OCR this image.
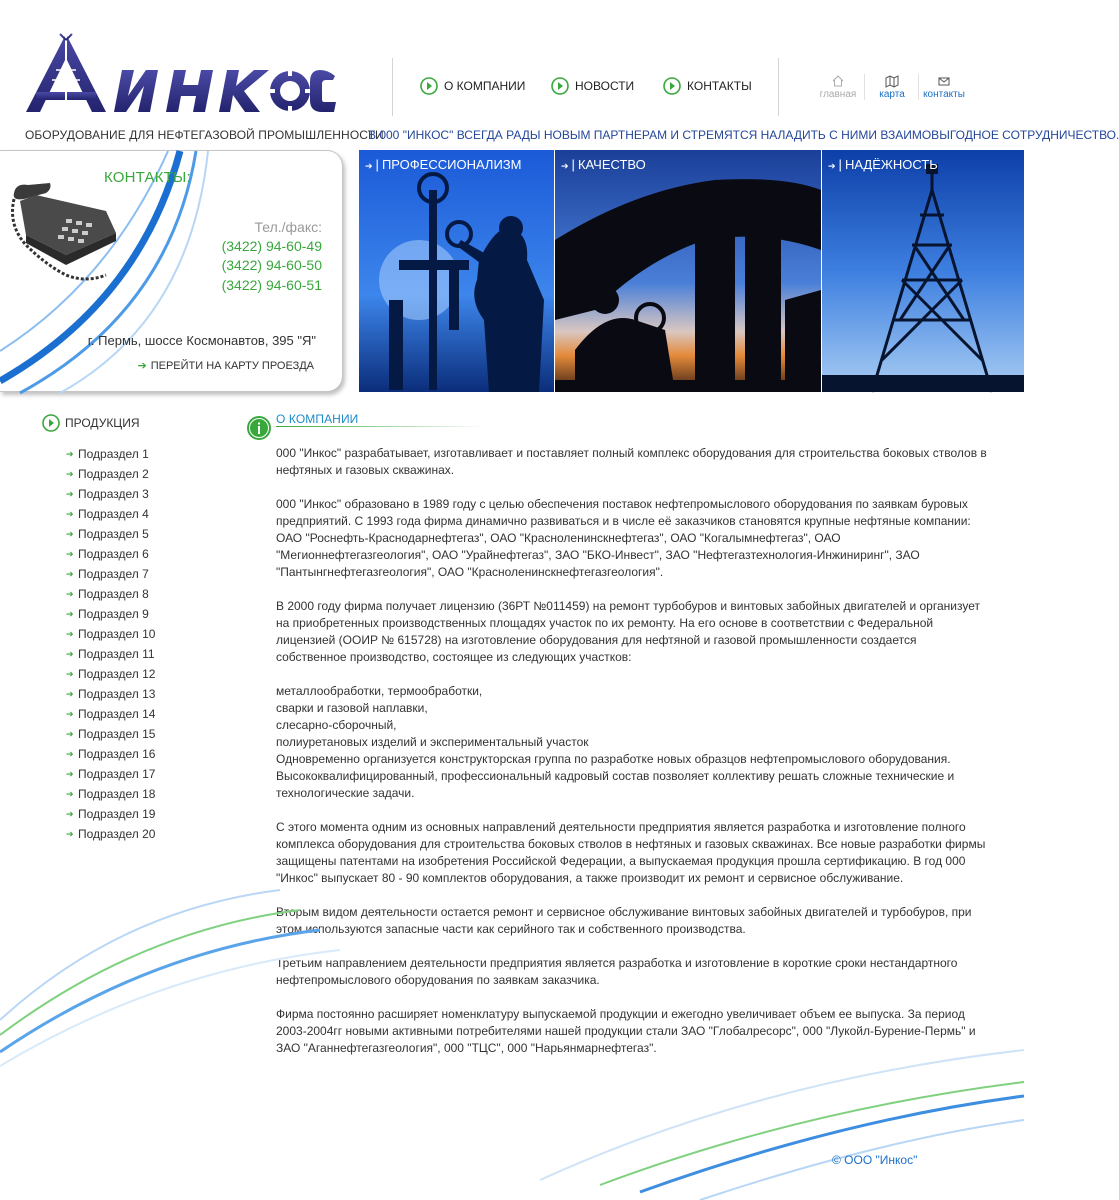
ОБОРУДОВАНИЕ ДЛЯ НЕФТЕГАЗОВОЙ ПРОМЫШЛЕННОСТИ
О КОМПАНИИ	НОВОСТИ	КОНТАКТЫ
главная	карта	контакты
В 000 "ИНКОС" ВСЕГДА РАДЫ НОВЫМ ПАРТНЕРАМ И СТРЕМЯТСЯ НАЛАДИТЬ С НИМИ ВЗАИМОВЫГОДНОЕ СОТРУДНИЧЕСТВО.
КОНТАКТЫ:
Тел./факс:
(3422) 94-60-49
(3422) 94-60-50
(3422) 94-60-51
г. Пермь, шоссе Космонавтов, 395 "Я"
➔ ПЕРЕЙТИ НА КАРТУ ПРОЕЗДА
➔ | ПРОФЕССИОНАЛИЗМ	➔ | КАЧЕСТВО	➔ | НАДЁЖНОСТЬ
ПРОДУКЦИЯ
➔ Подраздел 1
➔ Подраздел 2
➔ Подраздел 3
➔ Подраздел 4
➔ Подраздел 5
➔ Подраздел 6
➔ Подраздел 7
➔ Подраздел 8
➔ Подраздел 9
➔ Подраздел 10
➔ Подраздел 11
➔ Подраздел 12
➔ Подраздел 13
➔ Подраздел 14
➔ Подраздел 15
➔ Подраздел 16
➔ Подраздел 17
➔ Подраздел 18
➔ Подраздел 19
➔ Подраздел 20
О КОМПАНИИ

000 "Инкос" разрабатывает, изготавливает и поставляет полный комплекс оборудования для строительства боковых стволов в нефтяных и газовых скважинах.

000 "Инкос" образовано в 1989 году с целью обеспечения поставок нефтепромыслового оборудования по заявкам буровых предприятий. С 1993 года фирма динамично развиваться и в числе её заказчиков становятся крупные нефтяные компании: ОАО "Роснефть-Краснодарнефтегаз", ОАО "Красноленинскнефтегаз", ОАО "Когалымнефтегаз", ОАО "Мегионнефтегазгеология", ОАО "Урайнефтегаз", ЗАО "БКО-Инвест", ЗАО "Нефтегазтехнология-Инжиниринг", ЗАО "Пантынгнефтегазгеология", ОАО "Красноленинскнефтегазгеология".

В 2000 году фирма получает лицензию (36РТ №011459) на ремонт турбобуров и винтовых забойных двигателей и организует на приобретенных производственных площадях участок по их ремонту. На его основе в соответствии с Федеральной лицензией (ООИР № 615728) на изготовление оборудования для нефтяной и газовой промышленности создается собственное производство, состоящее из следующих участков:

металлообработки, термообработки,
сварки и газовой наплавки,
слесарно-сборочный,
полиуретановых изделий и экспериментальный участок

Одновременно организуется конструкторская группа по разработке новых образцов нефтепромыслового оборудования. Высококвалифицированный, профессиональный кадровый состав позволяет коллективу решать сложные технические и технологические задачи.

С этого момента одним из основных направлений деятельности предприятия является разработка и изготовление полного комплекса оборудования для строительства боковых стволов в нефтяных и газовых скважинах. Все новые разработки фирмы защищены патентами на изобретения Российской Федерации, а выпускаемая продукция прошла сертификацию. В год 000 "Инкос" выпускает 80 - 90 комплектов оборудования, а также производит их ремонт и сервисное обслуживание.

Вторым видом деятельности остается ремонт и сервисное обслуживание винтовых забойных двигателей и турбобуров, при этом используются запасные части как серийного так и собственного производства.

Третьим направлением деятельности предприятия является разработка и изготовление в короткие сроки нестандартного нефтепромыслового оборудования по заявкам заказчика.

Фирма постоянно расширяет номенклатуру выпускаемой продукции и ежегодно увеличивает объем ее выпуска. За период 2003-2004гг новыми активными потребителями нашей продукции стали ЗАО "Глобалресорс", 000 "Лукойл-Бурение-Пермь" и ЗАО "Аганнефтегазгеология", 000 "ТЦС", 000 "Нарьянмарнефтегаз".

© ООО "Инкос"
